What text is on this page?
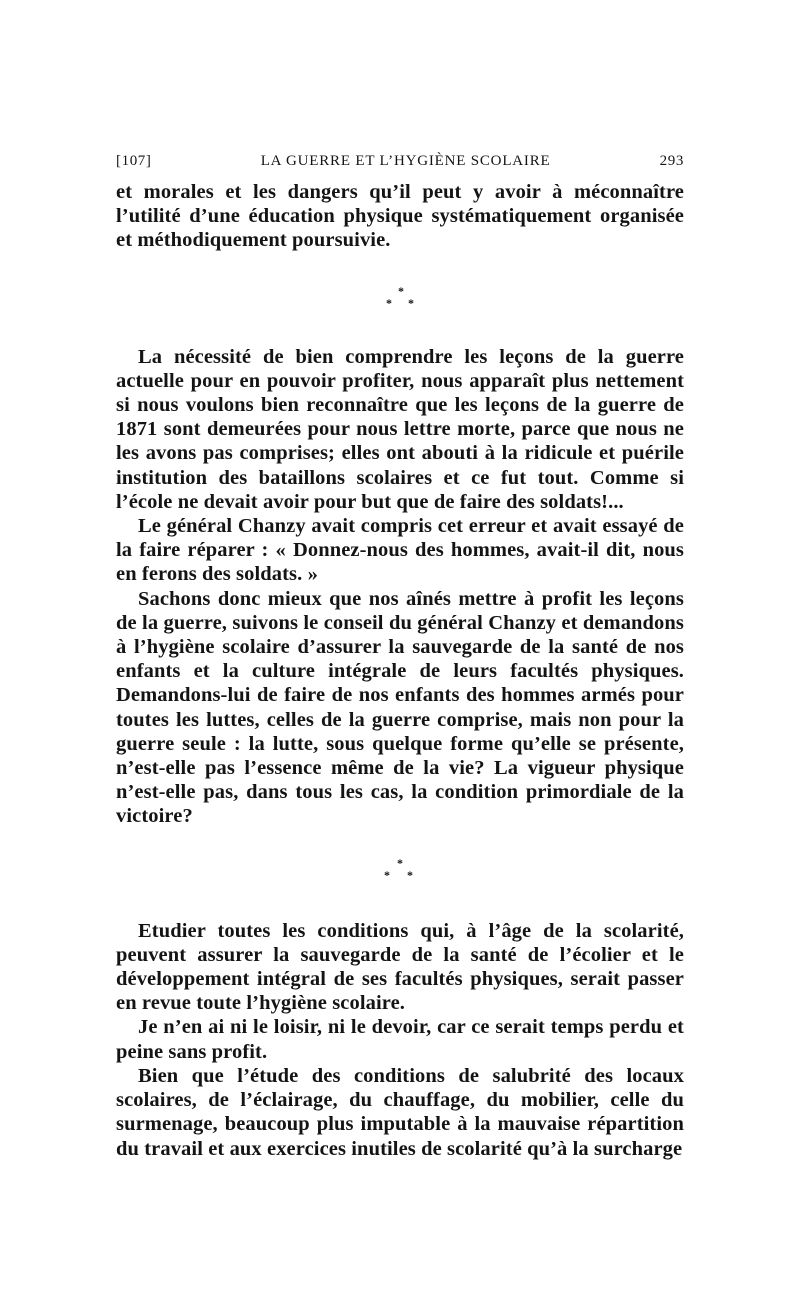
[107]	LA GUERRE ET L’HYGIÈNE SCOLAIRE	293

et morales et les dangers qu’il peut y avoir à méconnaître l’utilité d’une éducation physique systématiquement organisée et méthodiquement poursuivie.

*
* *

La nécessité de bien comprendre les leçons de la guerre actuelle pour en pouvoir profiter, nous apparaît plus nettement si nous voulons bien reconnaître que les leçons de la guerre de 1871 sont demeurées pour nous lettre morte, parce que nous ne les avons pas comprises; elles ont abouti à la ridicule et puérile institution des bataillons scolaires et ce fut tout. Comme si l’école ne devait avoir pour but que de faire des soldats!...

Le général Chanzy avait compris cet erreur et avait essayé de la faire réparer : « Donnez-nous des hommes, avait-il dit, nous en ferons des soldats. »

Sachons donc mieux que nos aînés mettre à profit les leçons de la guerre, suivons le conseil du général Chanzy et demandons à l’hygiène scolaire d’assurer la sauvegarde de la santé de nos enfants et la culture intégrale de leurs facultés physiques. Demandons-lui de faire de nos enfants des hommes armés pour toutes les luttes, celles de la guerre comprise, mais non pour la guerre seule : la lutte, sous quelque forme qu’elle se présente, n’est-elle pas l’essence même de la vie? La vigueur physique n’est-elle pas, dans tous les cas, la condition primordiale de la victoire?

*
* *

Etudier toutes les conditions qui, à l’âge de la scolarité, peuvent assurer la sauvegarde de la santé de l’écolier et le développement intégral de ses facultés physiques, serait passer en revue toute l’hygiène scolaire.

Je n’en ai ni le loisir, ni le devoir, car ce serait temps perdu et peine sans profit.

Bien que l’étude des conditions de salubrité des locaux scolaires, de l’éclairage, du chauffage, du mobilier, celle du surmenage, beaucoup plus imputable à la mauvaise répartition du travail et aux exercices inutiles de scolarité qu’à la surcharge
